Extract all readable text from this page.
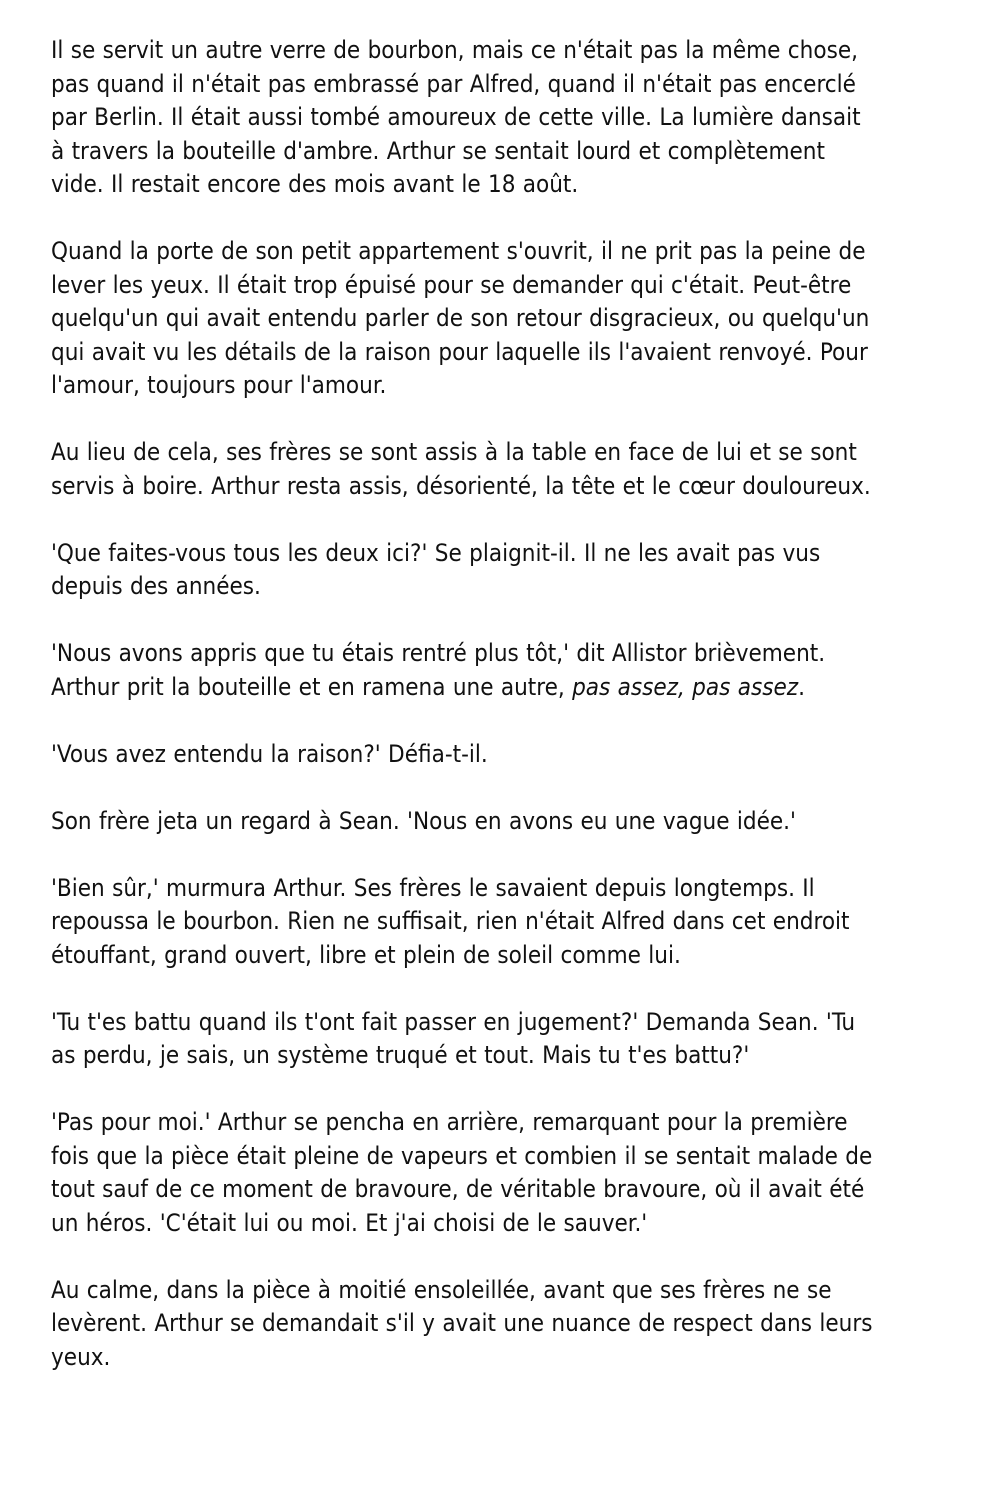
Il se servit un autre verre de bourbon, mais ce n'était pas la même chose,
pas quand il n'était pas embrassé par Alfred, quand il n'était pas encerclé
par Berlin. Il était aussi tombé amoureux de cette ville. La lumière dansait
à travers la bouteille d'ambre. Arthur se sentait lourd et complètement
vide. Il restait encore des mois avant le 18 août.

Quand la porte de son petit appartement s'ouvrit, il ne prit pas la peine de
lever les yeux. Il était trop épuisé pour se demander qui c'était. Peut-être
quelqu'un qui avait entendu parler de son retour disgracieux, ou quelqu'un
qui avait vu les détails de la raison pour laquelle ils l'avaient renvoyé. Pour
l'amour, toujours pour l'amour.

Au lieu de cela, ses frères se sont assis à la table en face de lui et se sont
servis à boire. Arthur resta assis, désorienté, la tête et le cœur douloureux.

'Que faites-vous tous les deux ici?' Se plaignit-il. Il ne les avait pas vus
depuis des années.

'Nous avons appris que tu étais rentré plus tôt,' dit Allistor brièvement.
Arthur prit la bouteille et en ramena une autre, pas assez, pas assez.

'Vous avez entendu la raison?' Défia-t-il.

Son frère jeta un regard à Sean. 'Nous en avons eu une vague idée.'

'Bien sûr,' murmura Arthur. Ses frères le savaient depuis longtemps. Il
repoussa le bourbon. Rien ne suffisait, rien n'était Alfred dans cet endroit
étouffant, grand ouvert, libre et plein de soleil comme lui.

'Tu t'es battu quand ils t'ont fait passer en jugement?' Demanda Sean. 'Tu
as perdu, je sais, un système truqué et tout. Mais tu t'es battu?'

'Pas pour moi.' Arthur se pencha en arrière, remarquant pour la première
fois que la pièce était pleine de vapeurs et combien il se sentait malade de
tout sauf de ce moment de bravoure, de véritable bravoure, où il avait été
un héros. 'C'était lui ou moi. Et j'ai choisi de le sauver.'

Au calme, dans la pièce à moitié ensoleillée, avant que ses frères ne se
levèrent. Arthur se demandait s'il y avait une nuance de respect dans leurs
yeux.
